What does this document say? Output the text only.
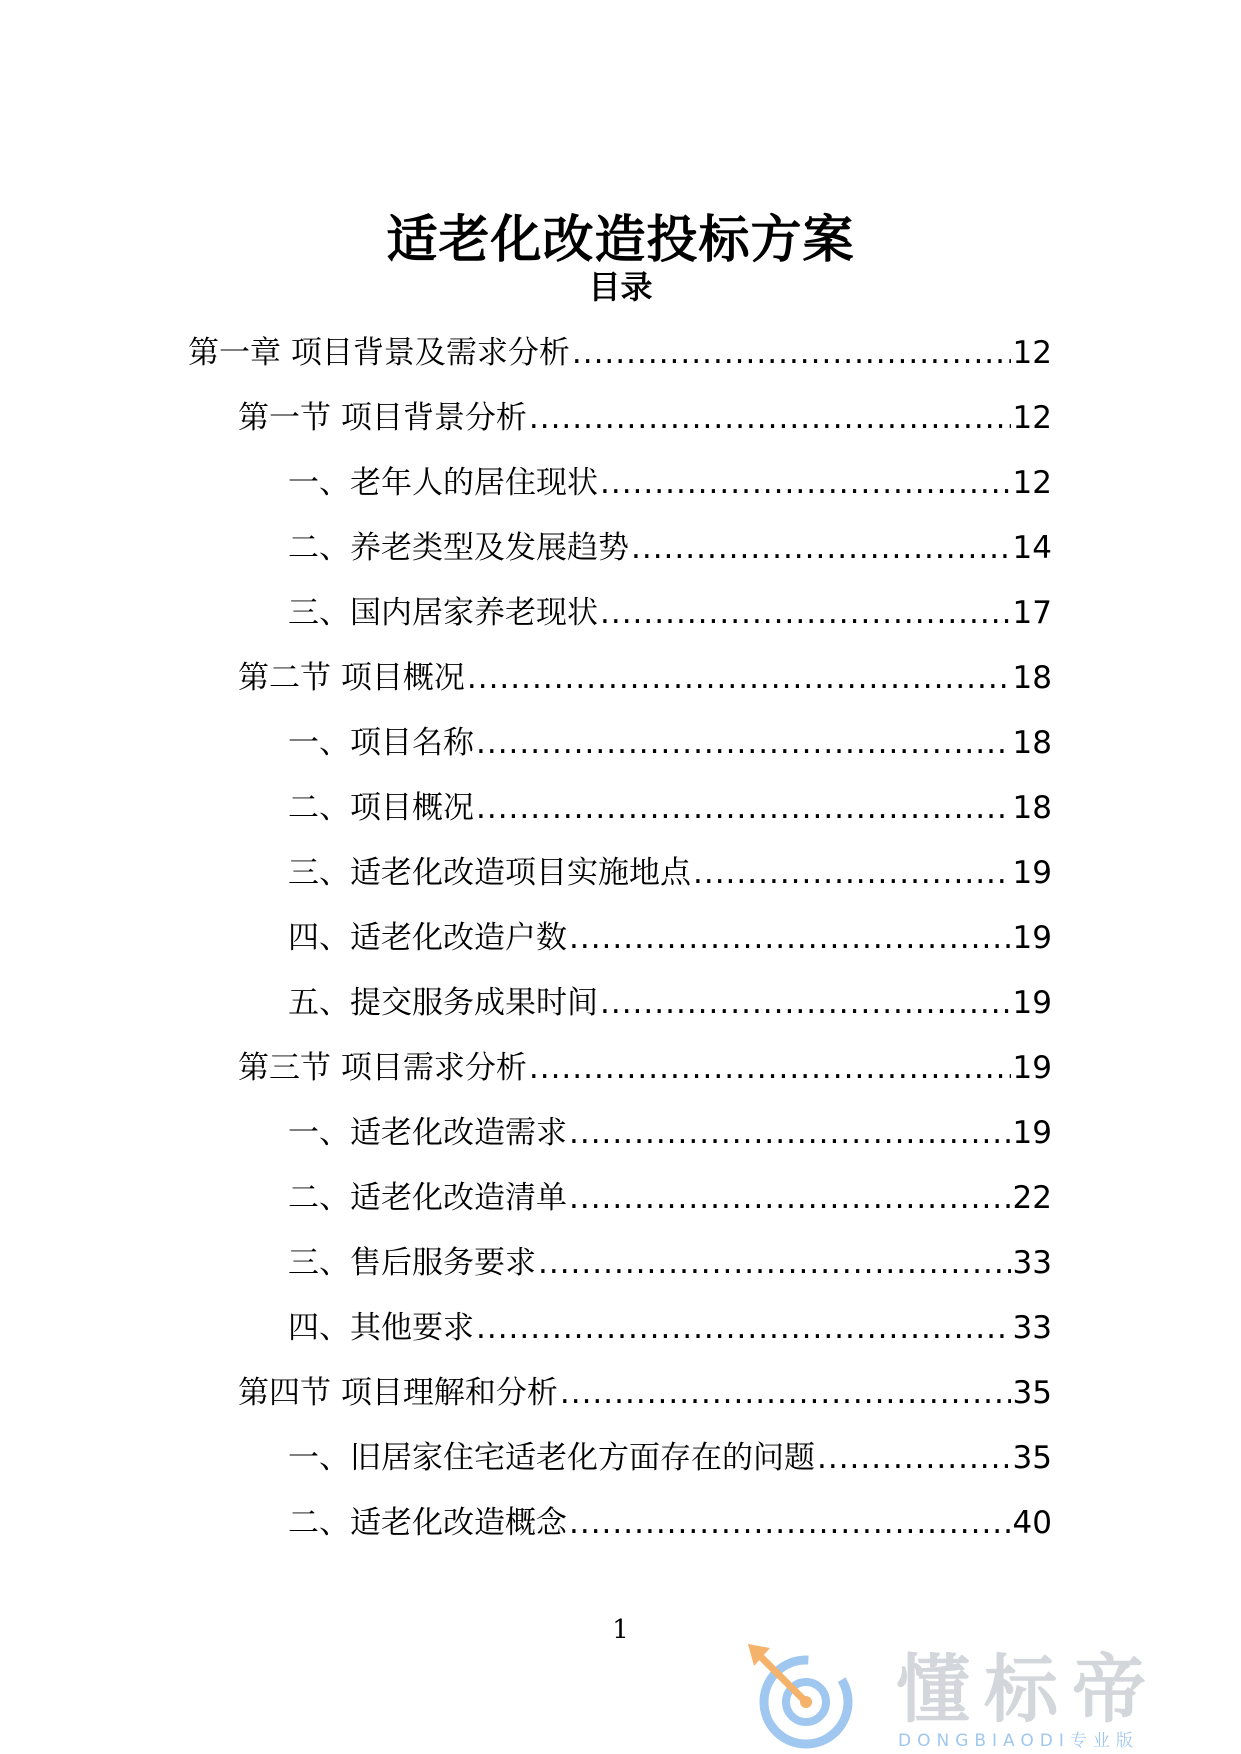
适老化改造投标方案
目录
第一章 项目背景及需求分析 .....	12
第一节 项目背景分析 .....	12
一、老年人的居住现状 .....	12
二、养老类型及发展趋势 .....	14
三、国内居家养老现状 .....	17
第二节 项目概况 .....	18
一、项目名称 .....	18
二、项目概况 .....	18
三、适老化改造项目实施地点 .....	19
四、适老化改造户数 .....	19
五、提交服务成果时间 .....	19
第三节 项目需求分析 .....	19
一、适老化改造需求 .....	19
二、适老化改造清单 .....	22
三、售后服务要求 .....	33
四、其他要求 .....	33
第四节 项目理解和分析 .....	35
一、旧居家住宅适老化方面存在的问题 .....	35
二、适老化改造概念 .....	40
1
懂标帝
DONGBIAODI专业版
